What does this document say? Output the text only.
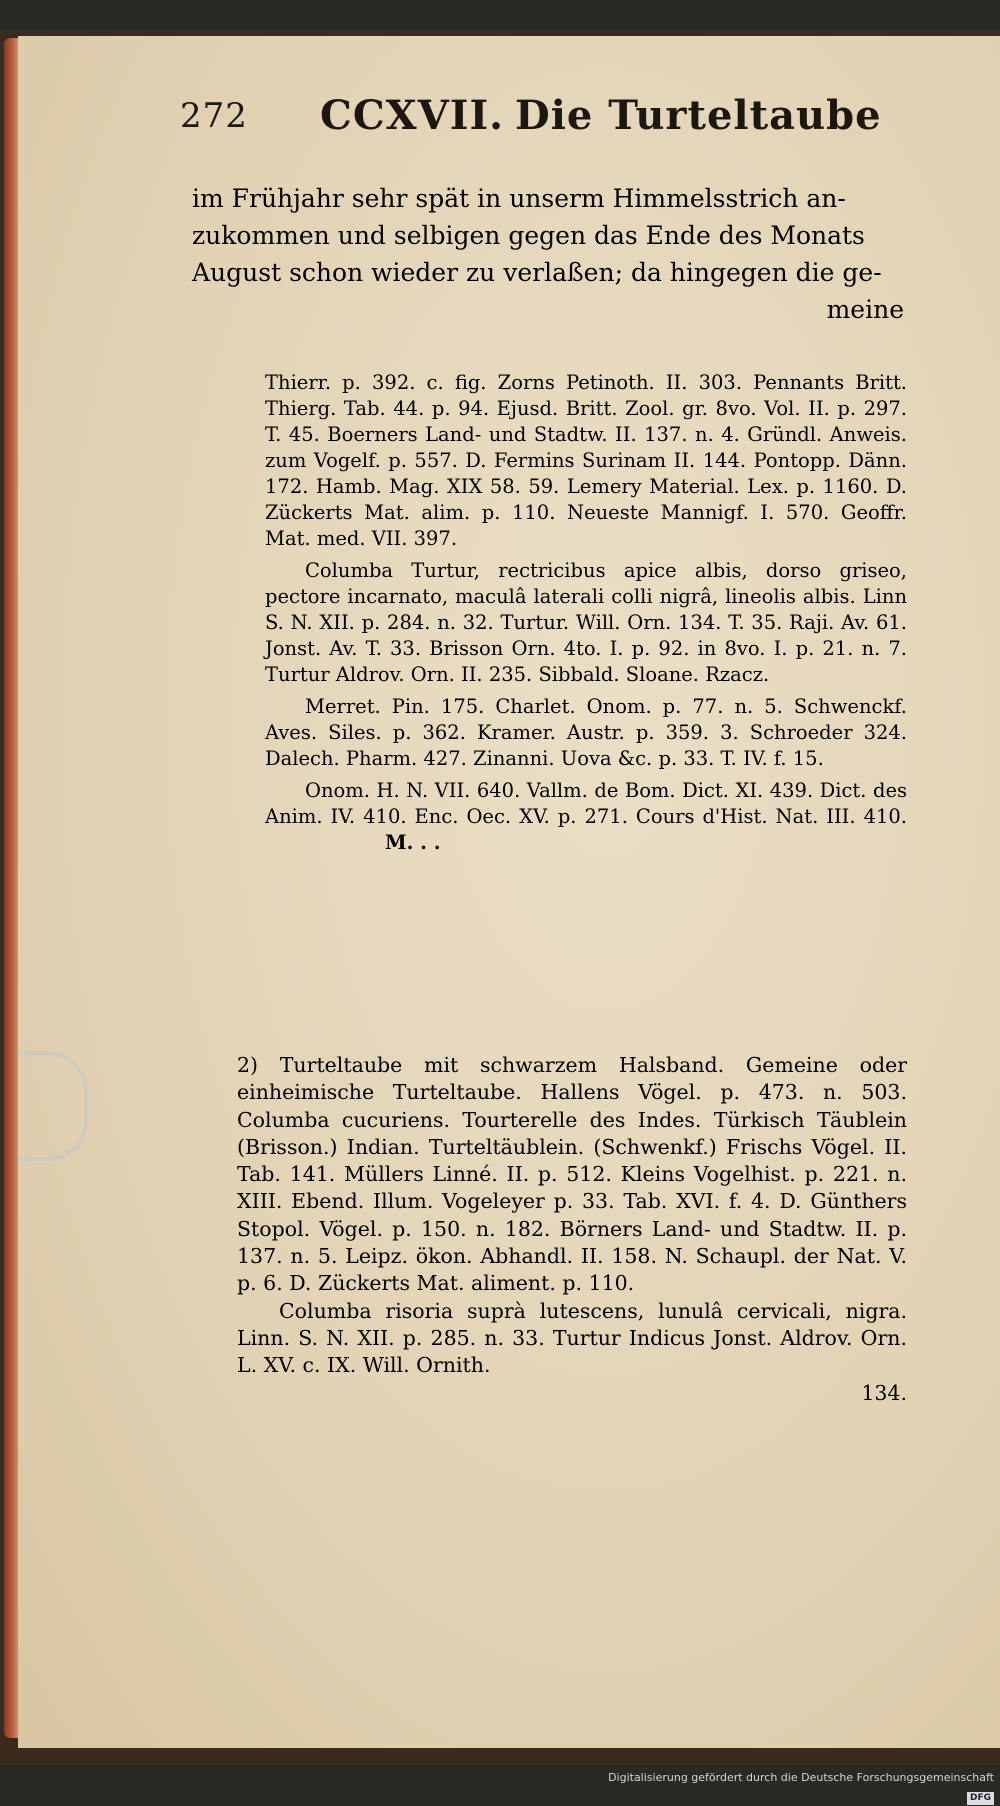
272 CCXVII. Die Turteltaube

im Frühjahr sehr spät in unserm Himmelsstrich an-

zukommen und selbigen gegen das Ende des Monats

August schon wieder zu verlaßen; da hingegen die ge-

meine

Thierr. p. 392. c. fig. Zorns Petinoth. II. 303. Pennants Britt. Thierg. Tab. 44. p. 94. Ejusd. Britt. Zool. gr. 8vo. Vol. II. p. 297. T. 45. Boerners Land- und Stadtw. II. 137. n. 4. Gründl. Anweis. zum Vogelf. p. 557. D. Fermins Surinam II. 144. Pontopp. Dänn. 172. Hamb. Mag. XIX 58. 59. Lemery Material. Lex. p. 1160. D. Zückerts Mat. alim. p. 110. Neueste Mannigf. I. 570. Geoffr. Mat. med. VII. 397.

Columba Turtur, rectricibus apice albis, dorso griseo, pectore incarnato, maculâ laterali colli nigrâ, lineolis albis. Linn S. N. XII. p. 284. n. 32. Turtur. Will. Orn. 134. T. 35. Raji. Av. 61. Jonst. Av. T. 33. Brisson Orn. 4to. I. p. 92. in 8vo. I. p. 21. n. 7. Turtur Aldrov. Orn. II. 235. Sibbald. Sloane. Rzacz.

Merret. Pin. 175. Charlet. Onom. p. 77. n. 5. Schwenckf. Aves. Siles. p. 362. Kramer. Austr. p. 359. 3. Schroeder 324. Dalech. Pharm. 427. Zinanni. Uova &c. p. 33. T. IV. f. 15.

Onom. H. N. VII. 640. Vallm. de Bom. Dict. XI. 439. Dict. des Anim. IV. 410. Enc. Oec. XV. p. 271. Cours d'Hist. Nat. III. 410. M. . .

2) Turteltaube mit schwarzem Halsband. Gemeine oder einheimische Turteltaube. Hallens Vögel. p. 473. n. 503. Columba cucuriens. Tourterelle des Indes. Türkisch Täublein (Brisson.) Indian. Turteltäublein. (Schwenkf.) Frischs Vögel. II. Tab. 141. Müllers Linné. II. p. 512. Kleins Vogelhist. p. 221. n. XIII. Ebend. Illum. Vogeleyer p. 33. Tab. XVI. f. 4. D. Günthers Stopol. Vögel. p. 150. n. 182. Börners Land- und Stadtw. II. p. 137. n. 5. Leipz. ökon. Abhandl. II. 158. N. Schaupl. der Nat. V. p. 6. D. Zückerts Mat. aliment. p. 110.

Columba risoria suprà lutescens, lunulâ cervicali, nigra. Linn. S. N. XII. p. 285. n. 33. Turtur Indicus Jonst. Aldrov. Orn. L. XV. c. IX. Will. Ornith.

134.

Digitalisierung gefördert durch die Deutsche ForschungsgemeinschaftDFG
